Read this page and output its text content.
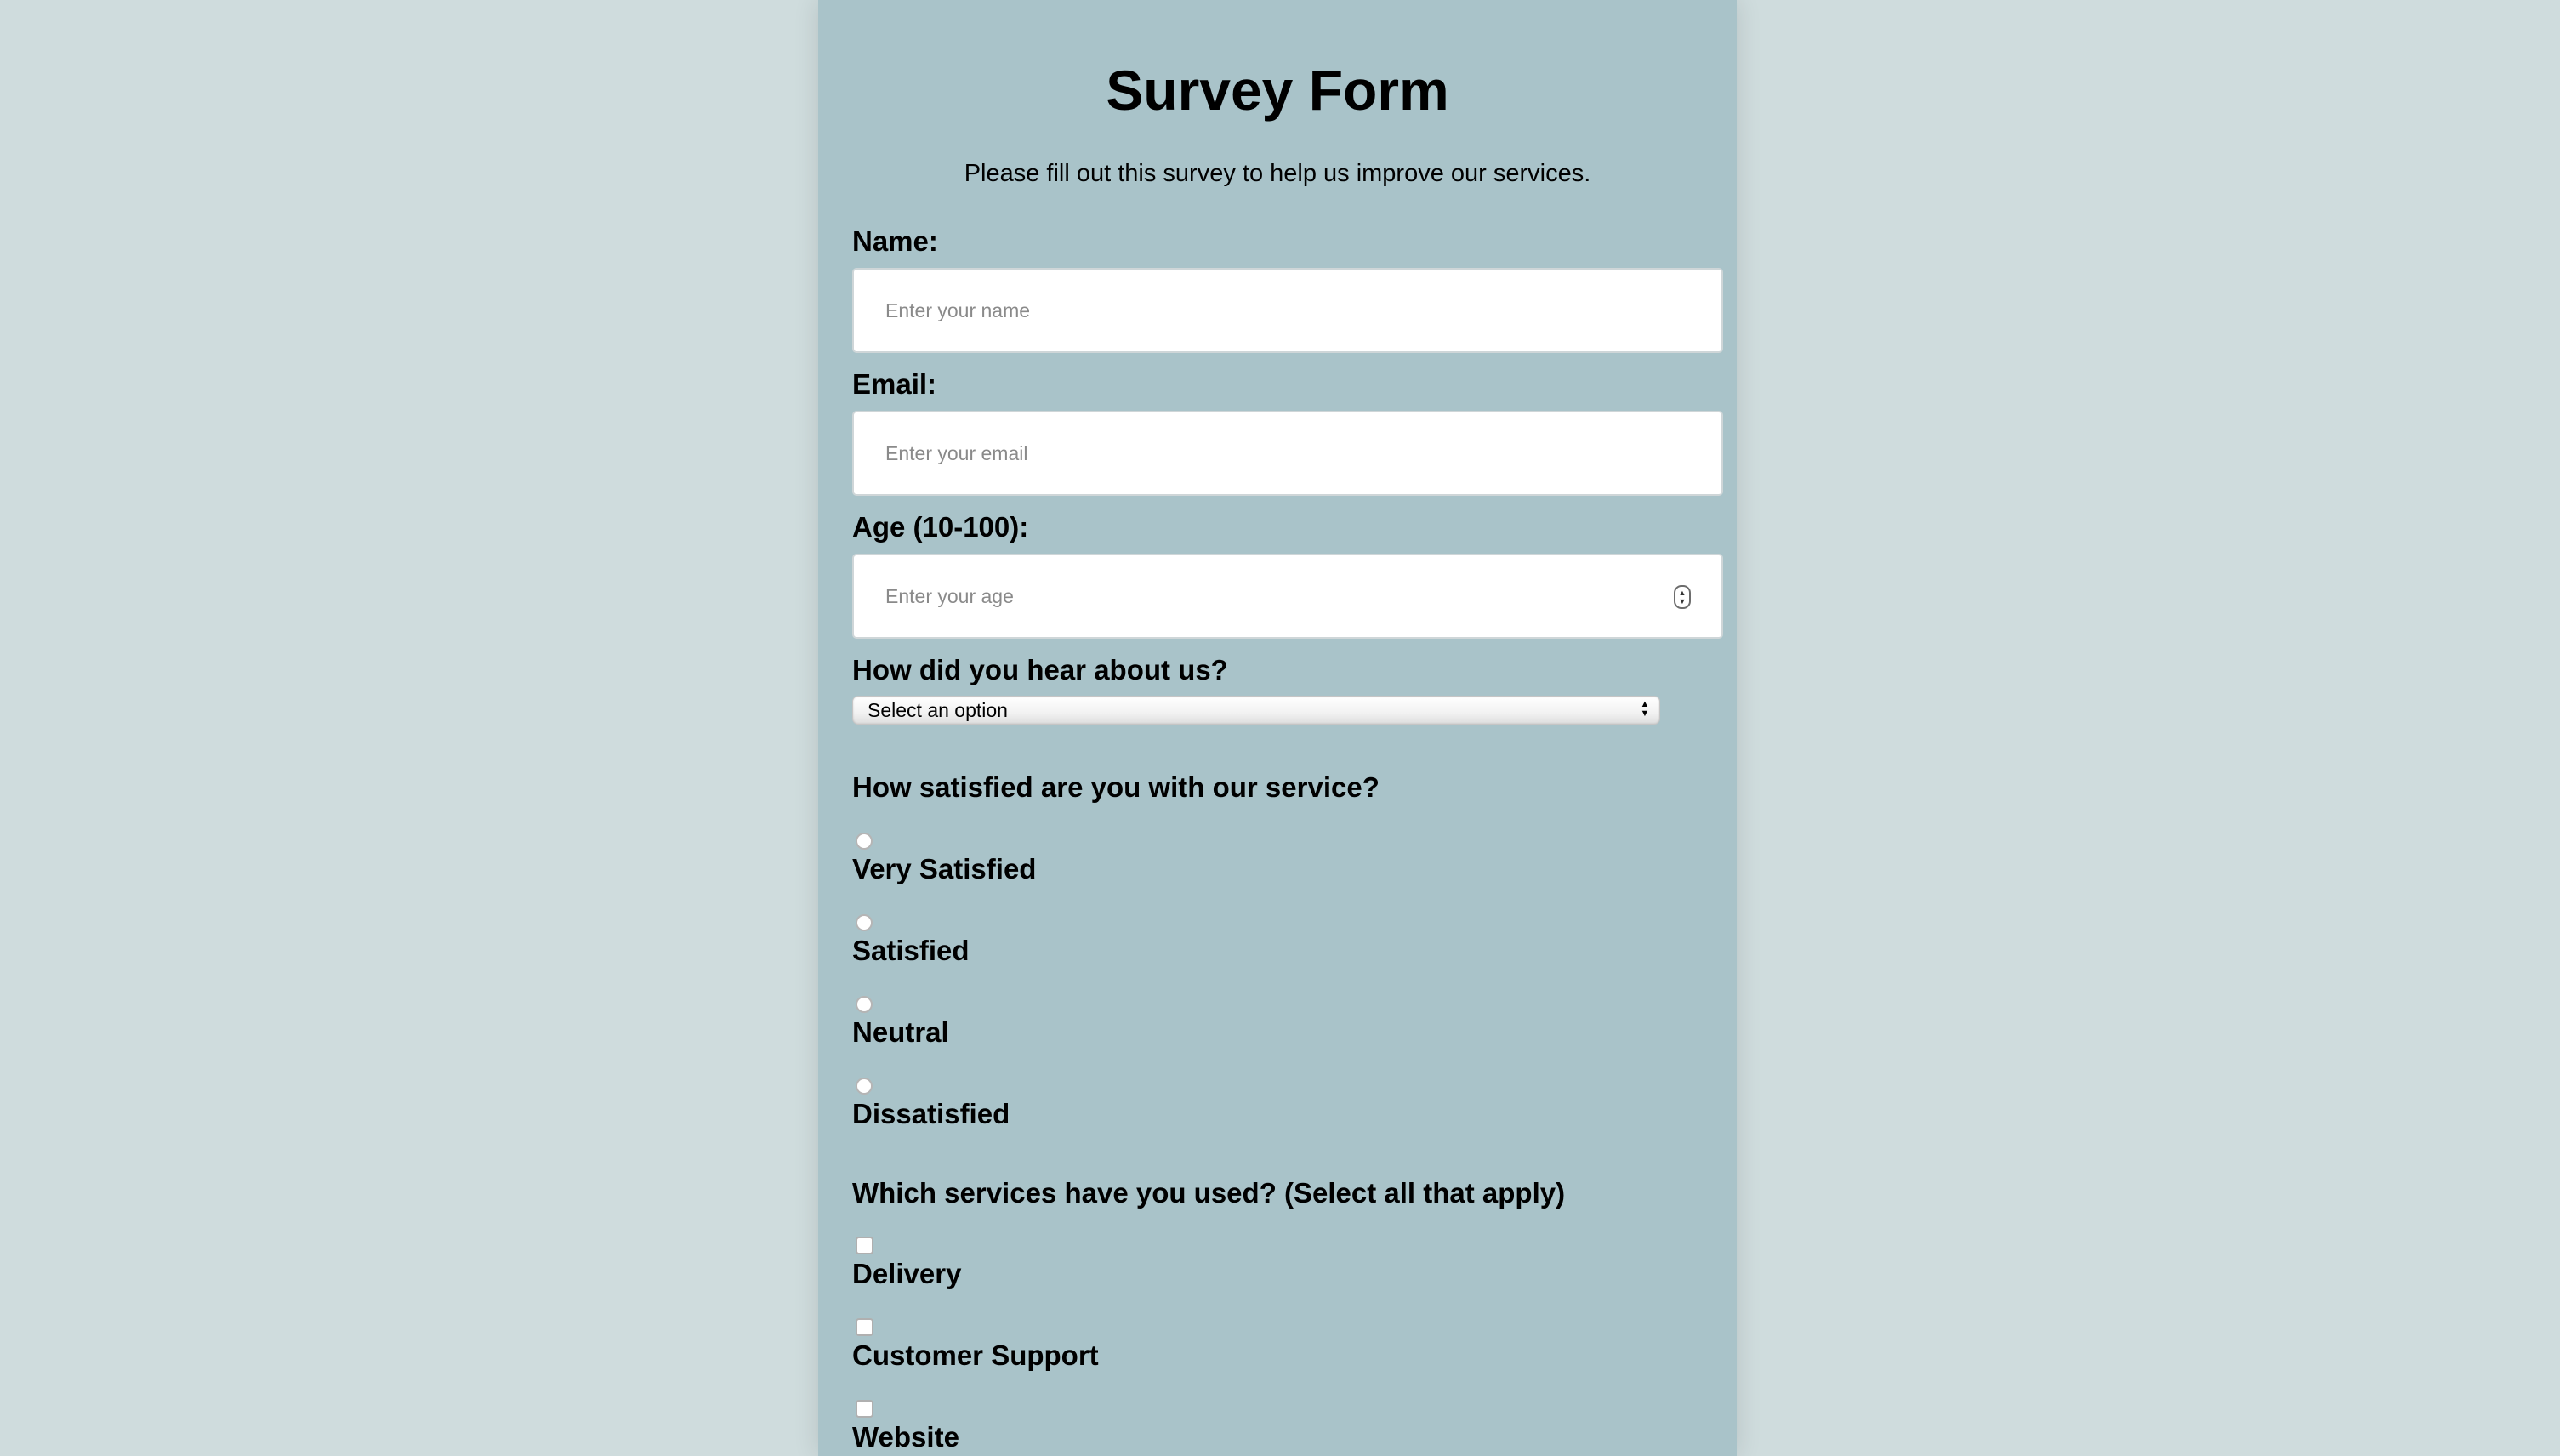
Survey Form
Please fill out this survey to help us improve our services.
Name:
Enter your name
Email:
Enter your email
Age (10-100):
Enter your age	▲
▼
How did you hear about us?
Select an option	▲
▼
How satisfied are you with our service?
Very Satisfied
Satisfied
Neutral
Dissatisfied
Which services have you used? (Select all that apply)
Delivery
Customer Support
Website
